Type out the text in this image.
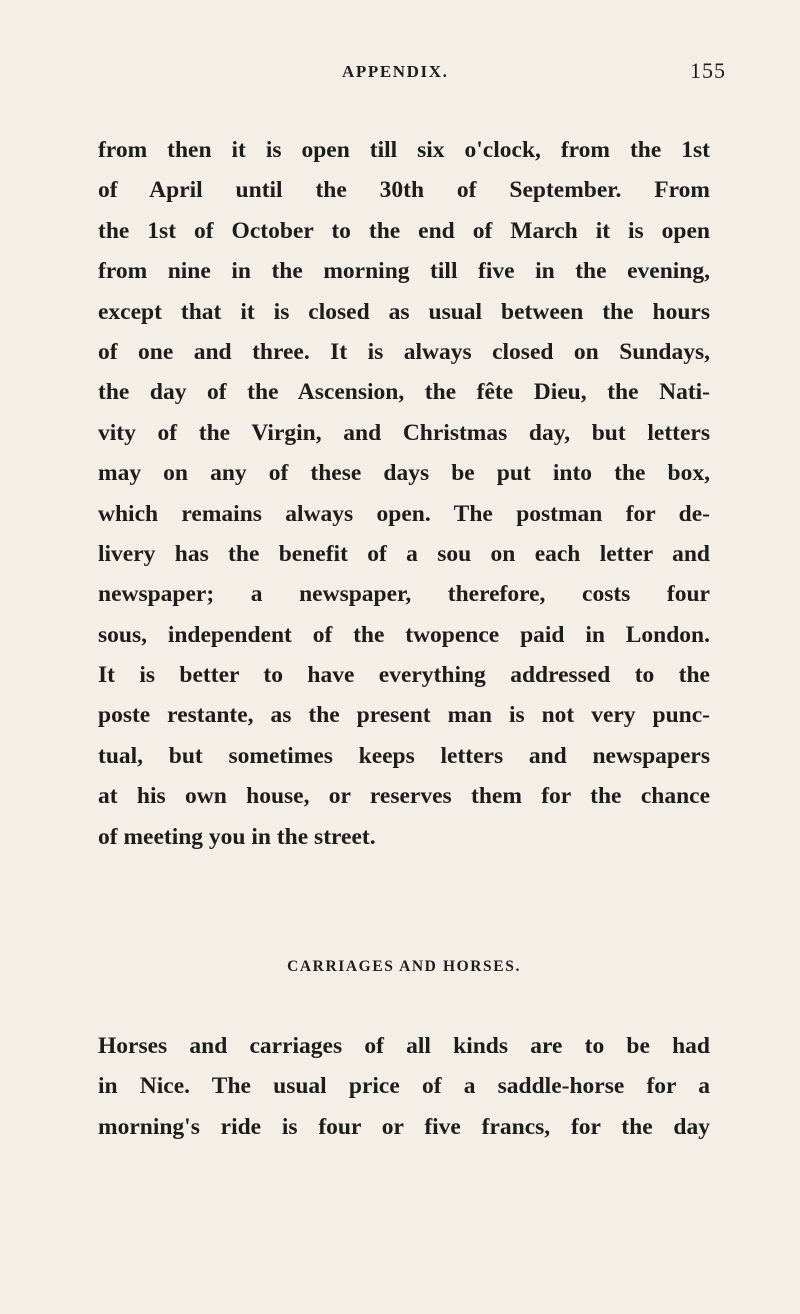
APPENDIX.	155
from then it is open till six o'clock, from the 1st
of April until the 30th of September. From
the 1st of October to the end of March it is open
from nine in the morning till five in the evening,
except that it is closed as usual between the hours
of one and three. It is always closed on Sundays,
the day of the Ascension, the fête Dieu, the Nati-
vity of the Virgin, and Christmas day, but letters
may on any of these days be put into the box,
which remains always open. The postman for de-
livery has the benefit of a sou on each letter and
newspaper; a newspaper, therefore, costs four
sous, independent of the twopence paid in London.
It is better to have everything addressed to the
poste restante, as the present man is not very punc-
tual, but sometimes keeps letters and newspapers
at his own house, or reserves them for the chance
of meeting you in the street.
CARRIAGES AND HORSES.
Horses and carriages of all kinds are to be had
in Nice. The usual price of a saddle-horse for a
morning's ride is four or five francs, for the day
